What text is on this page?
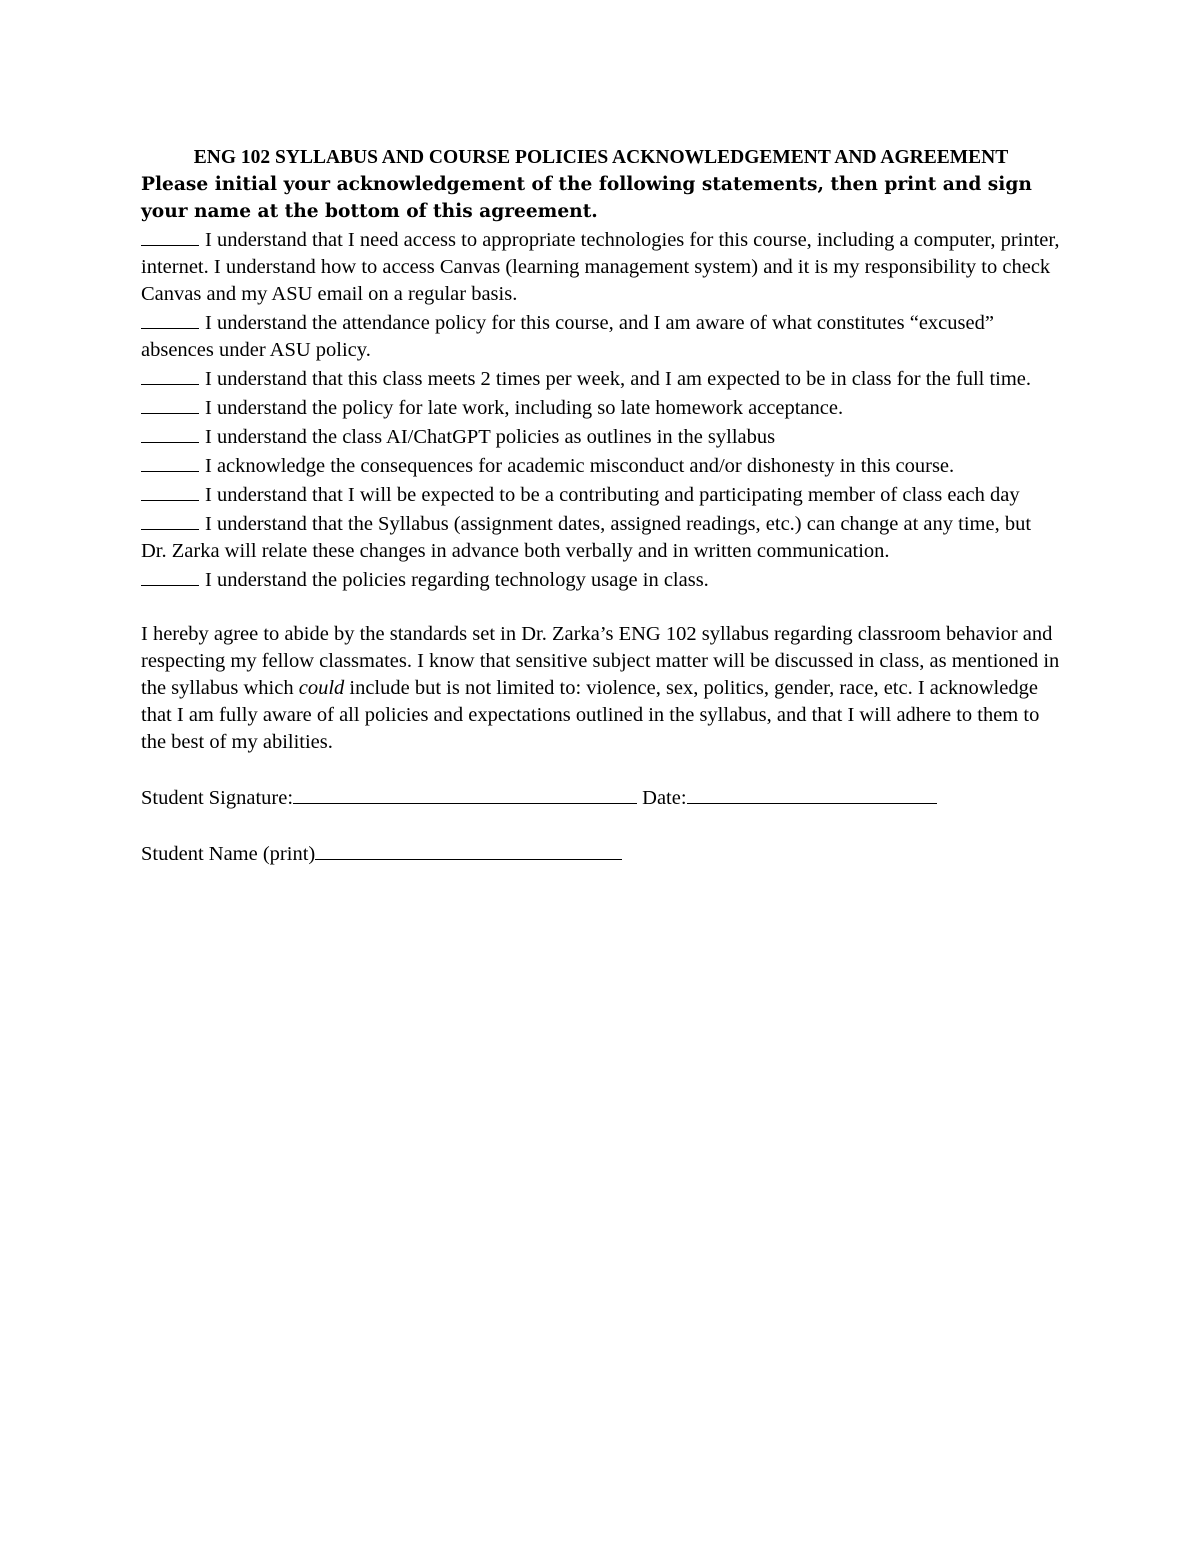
ENG 102 SYLLABUS AND COURSE POLICIES ACKNOWLEDGEMENT AND AGREEMENT

Please initial your acknowledgement of the following statements, then print and sign your name at the bottom of this agreement.

I understand that I need access to appropriate technologies for this course, including a computer, printer, internet. I understand how to access Canvas (learning management system) and it is my responsibility to check Canvas and my ASU email on a regular basis.
I understand the attendance policy for this course, and I am aware of what constitutes “excused” absences under ASU policy.
I understand that this class meets 2 times per week, and I am expected to be in class for the full time.
I understand the policy for late work, including so late homework acceptance.
I understand the class AI/ChatGPT policies as outlines in the syllabus
I acknowledge the consequences for academic misconduct and/or dishonesty in this course.
I understand that I will be expected to be a contributing and participating member of class each day
I understand that the Syllabus (assignment dates, assigned readings, etc.) can change at any time, but Dr. Zarka will relate these changes in advance both verbally and in written communication.
I understand the policies regarding technology usage in class.

I hereby agree to abide by the standards set in Dr. Zarka’s ENG 102 syllabus regarding classroom behavior and respecting my fellow classmates. I know that sensitive subject matter will be discussed in class, as mentioned in the syllabus which could include but is not limited to: violence, sex, politics, gender, race, etc. I acknowledge that I am fully aware of all policies and expectations outlined in the syllabus, and that I will adhere to them to the best of my abilities.

Student Signature:	Date:
Student Name (print)
